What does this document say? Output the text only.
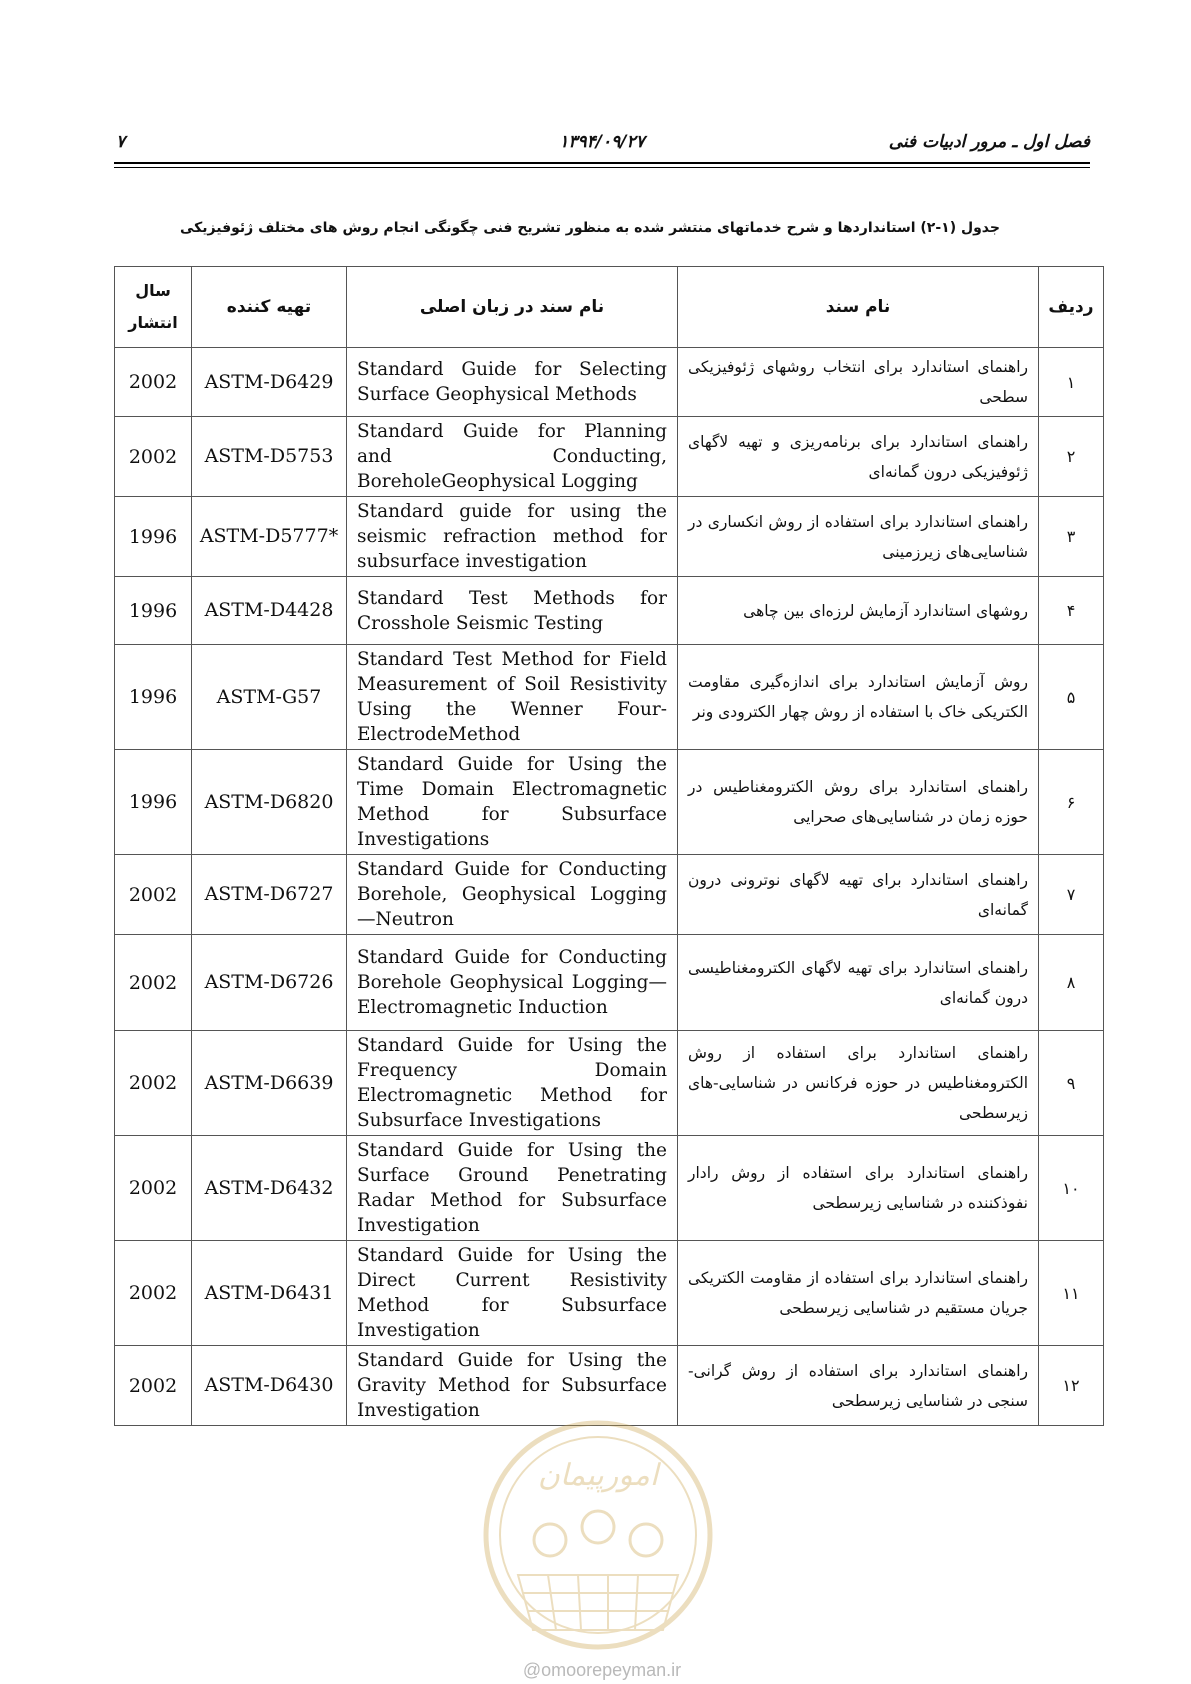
فصل اول ـ مرور ادبیات فنی
۱۳۹۴/۰۹/۲۷
۷
جدول (۱-۲) استانداردها و شرح خدماتهای منتشر شده به منظور تشریح فنی چگونگی انجام روش های مختلف ژئوفیزیکی
ردیف	نام سند	نام سند در زبان اصلی	تهیه کننده	سال انتشار
۱	راهنمای استاندارد برای انتخاب روشهای ژئوفیزیکی سطحی	Standard Guide for Selecting Surface Geophysical Methods	ASTM-D6429	2002
۲	راهنمای استاندارد برای برنامه‌ریزی و تهیه لاگهای ژئوفیزیکی درون گمانه‌ای	Standard Guide for Planning and Conducting, BoreholeGeophysical Logging	ASTM-D5753	2002
۳	راهنمای استاندارد برای استفاده از روش انکساری در شناسایی‌های زیرزمینی	Standard guide for using the seismic refraction method for subsurface investigation	*ASTM-D5777	1996
۴	روشهای استاندارد آزمایش لرزه‌ای بین چاهی	Standard Test Methods for Crosshole Seismic Testing	ASTM-D4428	1996
۵	روش آزمایش استاندارد برای اندازه‌گیری مقاومت الکتریکی خاک با استفاده از روش چهار الکترودی ونر	Standard Test Method for Field Measurement of Soil Resistivity Using the Wenner Four-ElectrodeMethod	ASTM-G57	1996
۶	راهنمای استاندارد برای روش الکترومغناطیس در حوزه زمان در شناسایی‌های صحرایی	Standard Guide for Using the Time Domain Electromagnetic Method for Subsurface Investigations	ASTM-D6820	1996
۷	راهنمای استاندارد برای تهیه لاگهای نوترونی درون گمانه‌ای	Standard Guide for Conducting Borehole, Geophysical Logging—Neutron	ASTM-D6727	2002
۸	راهنمای استاندارد برای تهیه لاگهای الکترومغناطیسی درون گمانه‌ای	Standard Guide for Conducting Borehole Geophysical Logging—Electromagnetic Induction	ASTM-D6726	2002
۹	راهنمای استاندارد برای استفاده از روش الکترومغناطیس در حوزه فرکانس در شناسایی-های زیرسطحی	Standard Guide for Using the Frequency Domain Electromagnetic Method for Subsurface Investigations	ASTM-D6639	2002
۱۰	راهنمای استاندارد برای استفاده از روش رادار نفوذکننده در شناسایی زیرسطحی	Standard Guide for Using the Surface Ground Penetrating Radar Method for Subsurface Investigation	ASTM-D6432	2002
۱۱	راهنمای استاندارد برای استفاده از مقاومت الکتریکی جریان مستقیم در شناسایی زیرسطحی	Standard Guide for Using the Direct Current Resistivity Method for Subsurface Investigation	ASTM-D6431	2002
۱۲	راهنمای استاندارد برای استفاده از روش گرانی-سنجی در شناسایی زیرسطحی	Standard Guide for Using the Gravity Method for Subsurface Investigation	ASTM-D6430	2002
امورپیمان
@omoorepeyman.ir
